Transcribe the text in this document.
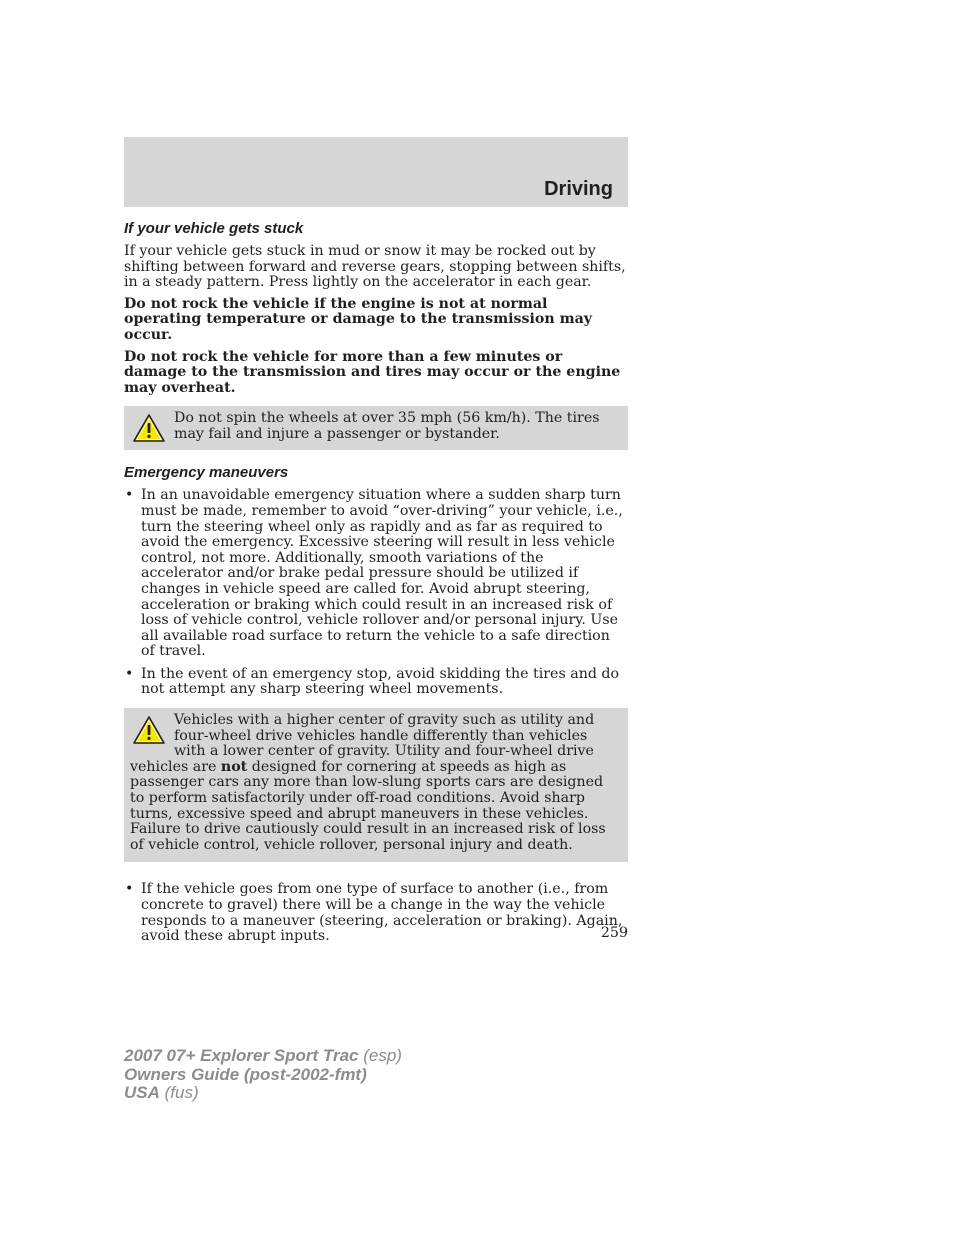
Driving
If your vehicle gets stuck

If your vehicle gets stuck in mud or snow it may be rocked out by shifting between forward and reverse gears, stopping between shifts, in a steady pattern. Press lightly on the accelerator in each gear.

Do not rock the vehicle if the engine is not at normal operating temperature or damage to the transmission may occur.

Do not rock the vehicle for more than a few minutes or damage to the transmission and tires may occur or the engine may overheat.

Do not spin the wheels at over 35 mph (56 km/h). The tires may fail and injure a passenger or bystander.

Emergency maneuvers
• In an unavoidable emergency situation where a sudden sharp turn must be made, remember to avoid “over-driving” your vehicle, i.e., turn the steering wheel only as rapidly and as far as required to avoid the emergency. Excessive steering will result in less vehicle control, not more. Additionally, smooth variations of the accelerator and/or brake pedal pressure should be utilized if changes in vehicle speed are called for. Avoid abrupt steering, acceleration or braking which could result in an increased risk of loss of vehicle control, vehicle rollover and/or personal injury. Use all available road surface to return the vehicle to a safe direction of travel.
• In the event of an emergency stop, avoid skidding the tires and do not attempt any sharp steering wheel movements.

Vehicles with a higher center of gravity such as utility and four-wheel drive vehicles handle differently than vehicles with a lower center of gravity. Utility and four-wheel drive vehicles are not designed for cornering at speeds as high as passenger cars any more than low-slung sports cars are designed to perform satisfactorily under off-road conditions. Avoid sharp turns, excessive speed and abrupt maneuvers in these vehicles. Failure to drive cautiously could result in an increased risk of loss of vehicle control, vehicle rollover, personal injury and death.

• If the vehicle goes from one type of surface to another (i.e., from concrete to gravel) there will be a change in the way the vehicle responds to a maneuver (steering, acceleration or braking). Again, avoid these abrupt inputs.	259
2007 07+ Explorer Sport Trac (esp)
Owners Guide (post-2002-fmt)
USA (fus)
